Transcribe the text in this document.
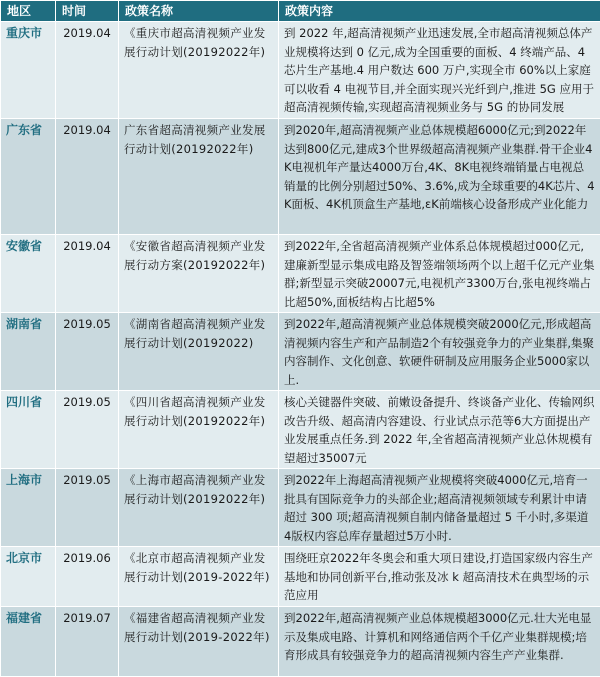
地区	时间	政策名称	政策内容
重庆市	2019.04	《重庆市超高清视频产业发展行动计划(20192022年)	到 2022 年,超高清视频产业迅速发展,全市超高清视频总体产业规模将达到 0 亿元,成为全国重要的面板、4 终端产品、4 芯片生产基地.4 用户数达 600 万户,实现全市 60%以上家庭可以收看 4 电视节目,并全面实现兴光纤到户,推进 5G 应用于超高清视频传输,实现超高清视频业务与 5G 的协同发展
广东省	2019.04	广东省超高清视频产业发展行动计划(20192022年)	到2020年,超高清视频产业总体规模超6000亿元;到2022年达到800亿元,建成3个世界级超高清视频产业集群.骨干企业4K电视机年产量达4000万台,4K、8K电视终端销量占电视总销量的比例分别超过50%、3.6%,成为全球重要的4K芯片、4K面板、4K机顶盒生产基地,εK前端核心设备形成产业化能力
安徽省	2019.04	《安徽省超高清视频产业发展行动方案(20192022年)	到2022年,全省超高清视频产业体系总体规模超过000亿元,建廉新型显示集成电路及智签端领场两个以上超千亿元产业集群;新型显示突破20007元,电视机产3300万台,张电视终端占比超50%,面板结构占比超5%
湖南省	2019.05	《湖南省超高清视频产业发展行动计划(20192022)	到2022年,超高清视频产业总体规模突破2000亿元,形成超高清视频内容生产和产品制造2个有较强竞争力的产业集群,集聚内容制作、文化创意、软硬件研制及应用服务企业5000家以上.
四川省	2019.05	《四川省超高清视频产业发展行动计划(20192022年)	核心关键器件突破、前嫩设备提升、终谈备产业化、传输网织改告升级、超高清内容建设、行业试点示范等6大方面提出产业发展重点任务.到 2022 年,全省超高清视频产业总休规模有望超过35007元
上海市	2019.05	《上海市超高清视频产业发展行动计划(20192022年)	到2022年上海超高清视频产业规模将突破4000亿元,培育一批具有国际竞争力的头部企业;超高清视频领域专利累计申请超过 300 项;超高清视频自制内储备量超过 5 千小时,多渠道4版权内容总库存量超过5万小时.
北京市	2019.06	《北京市超高清视频产业发展行动计划(2019-2022年)	围绕旺京2022年冬奥会和重大项日建设,打造国家级内容生产基地和协同创新平台,推动张及冰 k 超高清技术在典型场的示范应用
福建省	2019.07	《福建省超高清视频产业发展行动计划(2019-2022年)	到2022年,超高清视频产业总体规模超3000亿元.壮大光电显示及集成电路、计算机和网络通信两个千亿产业集群规模;培育形成具有较强竞争力的超高清视频内容生产产业集群.
